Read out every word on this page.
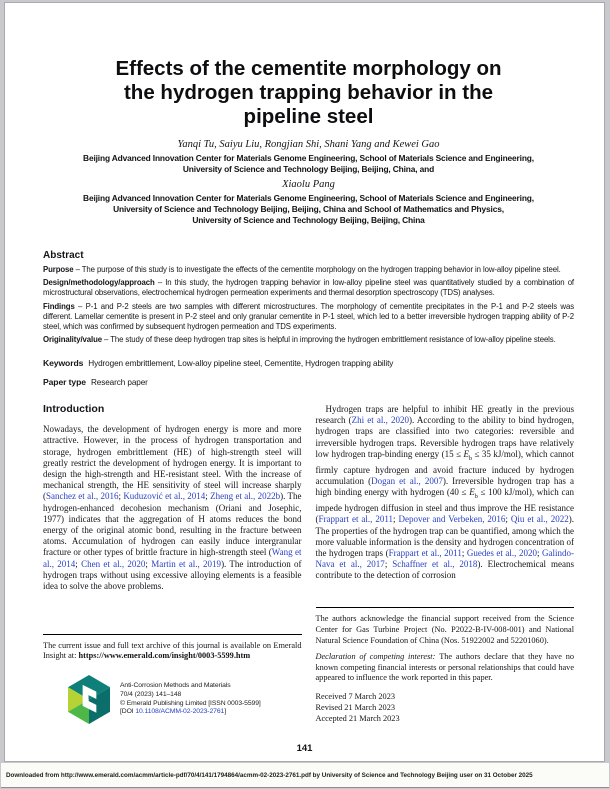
Effects of the cementite morphology on
the hydrogen trapping behavior in the
pipeline steel
Yanqi Tu, Saiyu Liu, Rongjian Shi, Shani Yang and Kewei Gao
Beijing Advanced Innovation Center for Materials Genome Engineering, School of Materials Science and Engineering,
University of Science and Technology Beijing, Beijing, China, and
Xiaolu Pang
Beijing Advanced Innovation Center for Materials Genome Engineering, School of Materials Science and Engineering,
University of Science and Technology Beijing, Beijing, China and School of Mathematics and Physics,
University of Science and Technology Beijing, Beijing, China
Abstract
Purpose – The purpose of this study is to investigate the effects of the cementite morphology on the hydrogen trapping behavior in low-alloy pipeline steel.
Design/methodology/approach – In this study, the hydrogen trapping behavior in low-alloy pipeline steel was quantitatively studied by a combination of microstructural observations, electrochemical hydrogen permeation experiments and thermal desorption spectroscopy (TDS) analyses.
Findings – P-1 and P-2 steels are two samples with different microstructures. The morphology of cementite precipitates in the P-1 and P-2 steels was different. Lamellar cementite is present in P-2 steel and only granular cementite in P-1 steel, which led to a better irreversible hydrogen trapping ability of P-2 steel, which was confirmed by subsequent hydrogen permeation and TDS experiments.
Originality/value – The study of these deep hydrogen trap sites is helpful in improving the hydrogen embrittlement resistance of low-alloy pipeline steels.
Keywords Hydrogen embrittlement, Low-alloy pipeline steel, Cementite, Hydrogen trapping ability
Paper type Research paper
Introduction

Nowadays, the development of hydrogen energy is more and more attractive. However, in the process of hydrogen transportation and storage, hydrogen embrittlement (HE) of high-strength steel will greatly restrict the development of hydrogen energy. It is important to design the high-strength and HE-resistant steel. With the increase of mechanical strength, the HE sensitivity of steel will increase sharply (Sanchez et al., 2016; Kuduzović et al., 2014; Zheng et al., 2022b). The hydrogen-enhanced decohesion mechanism (Oriani and Josephic, 1977) indicates that the aggregation of H atoms reduces the bond energy of the original atomic bond, resulting in the fracture between atoms. Accumulation of hydrogen can easily induce intergranular fracture or other types of brittle fracture in high-strength steel (Wang et al., 2014; Chen et al., 2020; Martin et al., 2019). The introduction of hydrogen traps without using excessive alloying elements is a feasible idea to solve the above problems.

The current issue and full text archive of this journal is available on Emerald Insight at: https://www.emerald.com/insight/0003-5599.htm
Anti-Corrosion Methods and Materials
70/4 (2023) 141–148
© Emerald Publishing Limited [ISSN 0003-5599]
[DOI 10.1108/ACMM-02-2023-2761]

Hydrogen traps are helpful to inhibit HE greatly in the previous research (Zhi et al., 2020). According to the ability to bind hydrogen, hydrogen traps are classified into two categories: reversible and irreversible hydrogen traps. Reversible hydrogen traps have relatively low hydrogen trap-binding energy ($15 \le E_b \le 35$ kJ/mol), which cannot firmly capture hydrogen and avoid fracture induced by hydrogen accumulation (Dogan et al., 2007). Irreversible hydrogen trap has a high binding energy with hydrogen ($40 \le E_b \le 100$ kJ/mol), which can impede hydrogen diffusion in steel and thus improve the HE resistance (Frappart et al., 2011; Depover and Verbeken, 2016; Qiu et al., 2022). The properties of the hydrogen trap can be quantified, among which the more valuable information is the density and hydrogen concentration of the hydrogen traps (Frappart et al., 2011; Guedes et al., 2020; Galindo-Nava et al., 2017; Schaffner et al., 2018). Electrochemical means contribute to the detection of corrosion

The authors acknowledge the financial support received from the Science Center for Gas Turbine Project (No. P2022-B-IV-008-001) and National Natural Science Foundation of China (Nos. 51922002 and 52201060).
Declaration of competing interest: The authors declare that they have no known competing financial interests or personal relationships that could have appeared to influence the work reported in this paper.
Received 7 March 2023
Revised 21 March 2023
Accepted 21 March 2023
141
Downloaded from http://www.emerald.com/acmm/article-pdf/70/4/141/1794864/acmm-02-2023-2761.pdf by University of Science and Technology Beijing user on 31 October 2025
